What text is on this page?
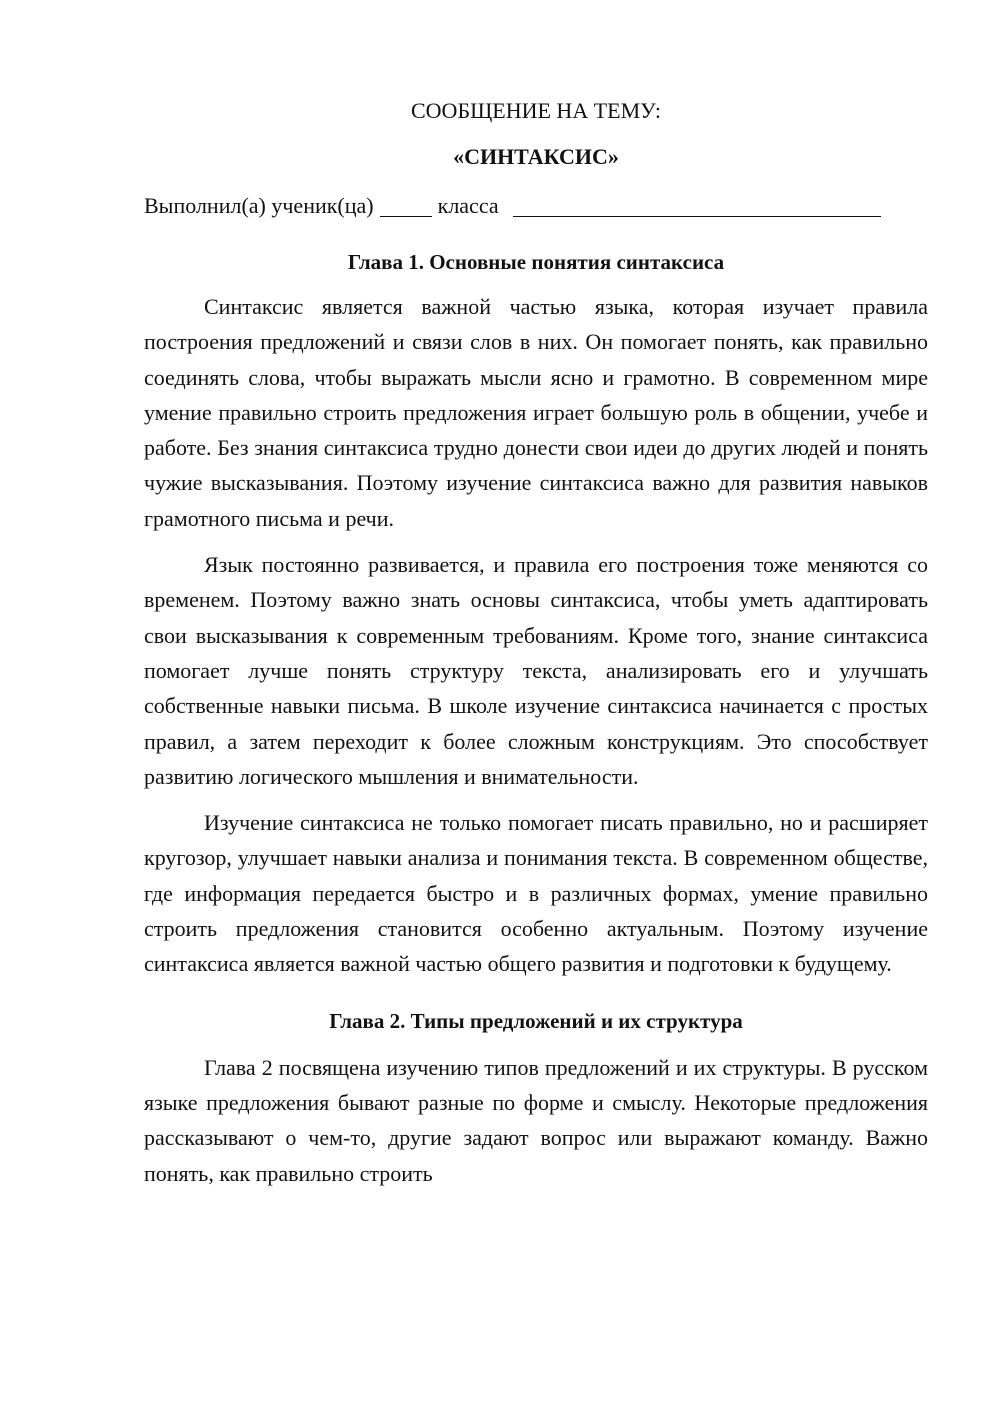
СООБЩЕНИЕ НА ТЕМУ:

«СИНТАКСИС»

Выполнил(а) ученик(ца)	класса

Глава 1. Основные понятия синтаксиса

Синтаксис является важной частью языка, которая изучает правила построения предложений и связи слов в них. Он помогает понять, как правильно соединять слова, чтобы выражать мысли ясно и грамотно. В современном мире умение правильно строить предложения играет большую роль в общении, учебе и работе. Без знания синтаксиса трудно донести свои идеи до других людей и понять чужие высказывания. Поэтому изучение синтаксиса важно для развития навыков грамотного письма и речи.

Язык постоянно развивается, и правила его построения тоже меняются со временем. Поэтому важно знать основы синтаксиса, чтобы уметь адаптировать свои высказывания к современным требованиям. Кроме того, знание синтаксиса помогает лучше понять структуру текста, анализировать его и улучшать собственные навыки письма. В школе изучение синтаксиса начинается с простых правил, а затем переходит к более сложным конструкциям. Это способствует развитию логического мышления и внимательности.

Изучение синтаксиса не только помогает писать правильно, но и расширяет кругозор, улучшает навыки анализа и понимания текста. В современном обществе, где информация передается быстро и в различных формах, умение правильно строить предложения становится особенно актуальным. Поэтому изучение синтаксиса является важной частью общего развития и подготовки к будущему.

Глава 2. Типы предложений и их структура

Глава 2 посвящена изучению типов предложений и их структуры. В русском языке предложения бывают разные по форме и смыслу. Некоторые предложения рассказывают о чем-то, другие задают вопрос или выражают команду. Важно понять, как правильно строить
